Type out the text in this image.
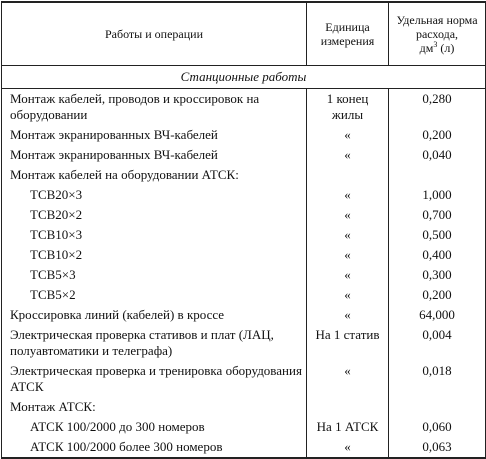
Работы и операции	Единица измерения	Удельная норма расхода,
$дм^3$ (л)
Станционные работы		
Монтаж кабелей, проводов и кроссировок на оборудовании	1 конец жилы	0,280
Монтаж экранированных ВЧ-кабелей	«	0,200
Монтаж экранированных ВЧ-кабелей	«	0,040
Монтаж кабелей на оборудовании АТСК:		
ТСВ20×3	«	1,000
ТСВ20×2	«	0,700
ТСВ10×3	«	0,500
ТСВ10×2	«	0,400
ТСВ5×3	«	0,300
ТСВ5×2	«	0,200
Кроссировка линий (кабелей) в кроссе	«	64,000
Электрическая проверка стативов и плат (ЛАЦ, полуавтоматики и телеграфа)	На 1 статив	0,004
Электрическая проверка и тренировка оборудования АТСК	«	0,018
Монтаж АТСК:		
АТСК 100/2000 до 300 номеров	На 1 АТСК	0,060
АТСК 100/2000 более 300 номеров	«	0,063
